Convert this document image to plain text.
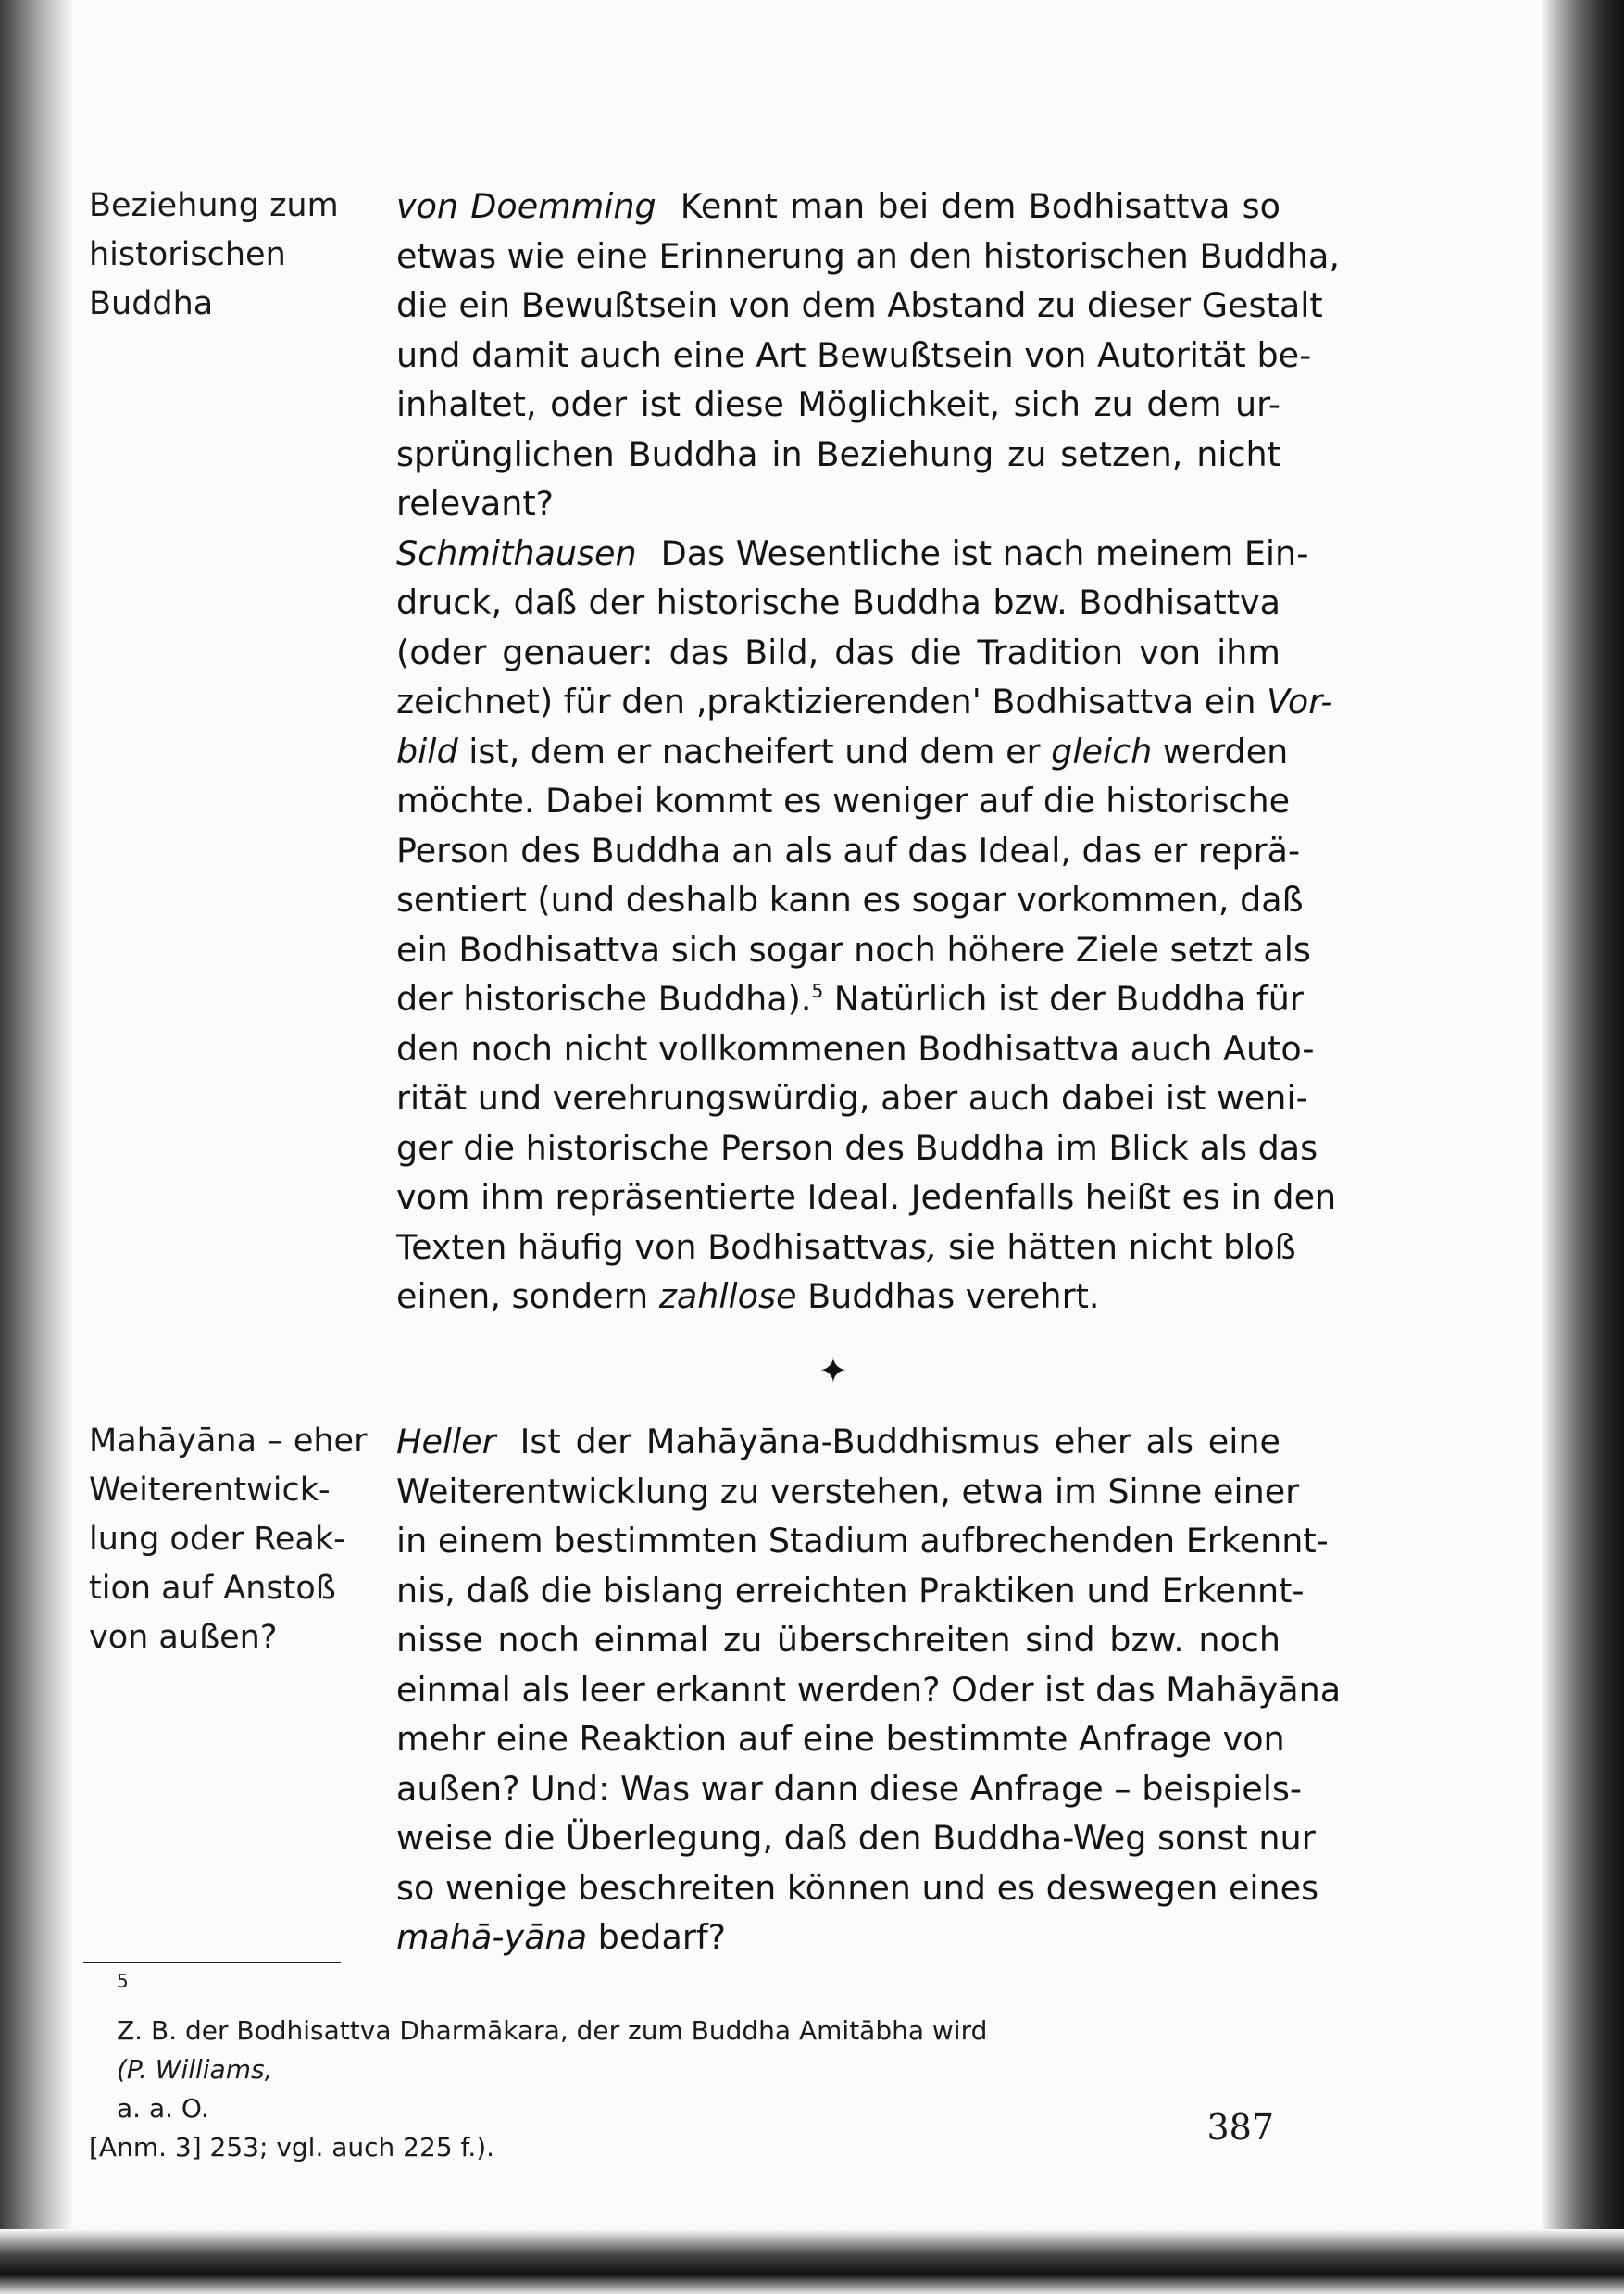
Beziehung zum
historischen
Buddha
von Doemming Kennt man bei dem Bodhisattva so
etwas wie eine Erinnerung an den historischen Buddha,
die ein Bewußtsein von dem Abstand zu dieser Gestalt
und damit auch eine Art Bewußtsein von Autorität be-
inhaltet, oder ist diese Möglichkeit, sich zu dem ur-
sprünglichen Buddha in Beziehung zu setzen, nicht
relevant?
Schmithausen Das Wesentliche ist nach meinem Ein-
druck, daß der historische Buddha bzw. Bodhisattva
(oder genauer: das Bild, das die Tradition von ihm
zeichnet) für den ‚praktizierenden' Bodhisattva ein Vor-
bild ist, dem er nacheifert und dem er gleich werden
möchte. Dabei kommt es weniger auf die historische
Person des Buddha an als auf das Ideal, das er reprä-
sentiert (und deshalb kann es sogar vorkommen, daß
ein Bodhisattva sich sogar noch höhere Ziele setzt als
der historische Buddha).$^5$ Natürlich ist der Buddha für
den noch nicht vollkommenen Bodhisattva auch Auto-
rität und verehrungswürdig, aber auch dabei ist weni-
ger die historische Person des Buddha im Blick als das
vom ihm repräsentierte Ideal. Jedenfalls heißt es in den
Texten häufig von Bodhisattvas, sie hätten nicht bloß
einen, sondern zahllose Buddhas verehrt.
✦
Mahāyāna – eher
Weiterentwick-
lung oder Reak-
tion auf Anstoß
von außen?
Heller Ist der Mahāyāna-Buddhismus eher als eine
Weiterentwicklung zu verstehen, etwa im Sinne einer
in einem bestimmten Stadium aufbrechenden Erkennt-
nis, daß die bislang erreichten Praktiken und Erkennt-
nisse noch einmal zu überschreiten sind bzw. noch
einmal als leer erkannt werden? Oder ist das Mahāyāna
mehr eine Reaktion auf eine bestimmte Anfrage von
außen? Und: Was war dann diese Anfrage – beispiels-
weise die Überlegung, daß den Buddha-Weg sonst nur
so wenige beschreiten können und es deswegen eines
mahā-yāna bedarf?
$^5$
Z. B. der Bodhisattva Dharmākara, der zum Buddha Amitābha wird
(P. Williams,
a. a. O.
[Anm. 3] 253; vgl. auch 225 f.).	387
